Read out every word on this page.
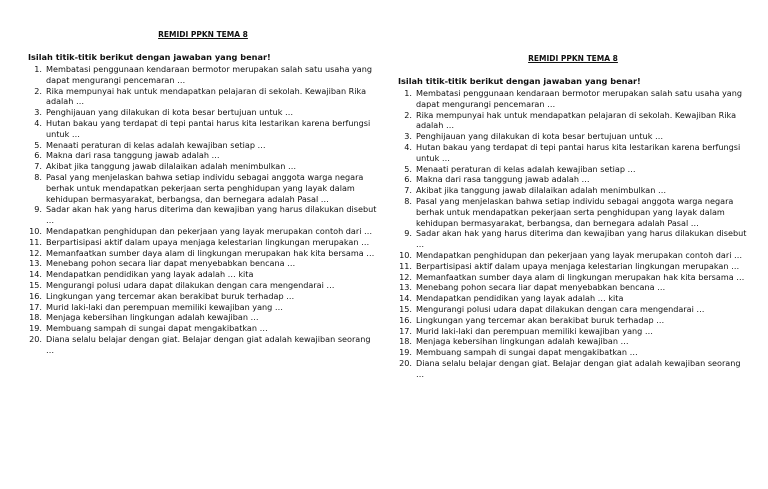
REMIDI PPKN TEMA 8

Isilah titik-titik berikut dengan jawaban yang benar!

1. Membatasi penggunaan kendaraan bermotor merupakan salah satu usaha yang dapat mengurangi pencemaran …
2. Rika mempunyai hak untuk mendapatkan pelajaran di sekolah. Kewajiban Rika adalah …
3. Penghijauan yang dilakukan di kota besar bertujuan untuk …
4. Hutan bakau yang terdapat di tepi pantai harus kita lestarikan karena berfungsi untuk …
5. Menaati peraturan di kelas adalah kewajiban setiap …
6. Makna dari rasa tanggung jawab adalah …
7. Akibat jika tanggung jawab dilalaikan adalah menimbulkan …
8. Pasal yang menjelaskan bahwa setiap individu sebagai anggota warga negara berhak untuk mendapatkan pekerjaan serta penghidupan yang layak dalam kehidupan bermasyarakat, berbangsa, dan bernegara adalah Pasal …
9. Sadar akan hak yang harus diterima dan kewajiban yang harus dilakukan disebut …
10. Mendapatkan penghidupan dan pekerjaan yang layak merupakan contoh dari …
11. Berpartisipasi aktif dalam upaya menjaga kelestarian lingkungan merupakan …
12. Memanfaatkan sumber daya alam di lingkungan merupakan hak kita bersama …
13. Menebang pohon secara liar dapat menyebabkan bencana …
14. Mendapatkan pendidikan yang layak adalah … kita
15. Mengurangi polusi udara dapat dilakukan dengan cara mengendarai …
16. Lingkungan yang tercemar akan berakibat buruk terhadap …
17. Murid laki-laki dan perempuan memiliki kewajiban yang …
18. Menjaga kebersihan lingkungan adalah kewajiban …
19. Membuang sampah di sungai dapat mengakibatkan …
20. Diana selalu belajar dengan giat. Belajar dengan giat adalah kewajiban seorang …
REMIDI PPKN TEMA 8

Isilah titik-titik berikut dengan jawaban yang benar!

1. Membatasi penggunaan kendaraan bermotor merupakan salah satu usaha yang dapat mengurangi pencemaran …
2. Rika mempunyai hak untuk mendapatkan pelajaran di sekolah. Kewajiban Rika adalah …
3. Penghijauan yang dilakukan di kota besar bertujuan untuk …
4. Hutan bakau yang terdapat di tepi pantai harus kita lestarikan karena berfungsi untuk …
5. Menaati peraturan di kelas adalah kewajiban setiap …
6. Makna dari rasa tanggung jawab adalah …
7. Akibat jika tanggung jawab dilalaikan adalah menimbulkan …
8. Pasal yang menjelaskan bahwa setiap individu sebagai anggota warga negara berhak untuk mendapatkan pekerjaan serta penghidupan yang layak dalam kehidupan bermasyarakat, berbangsa, dan bernegara adalah Pasal …
9. Sadar akan hak yang harus diterima dan kewajiban yang harus dilakukan disebut …
10. Mendapatkan penghidupan dan pekerjaan yang layak merupakan contoh dari …
11. Berpartisipasi aktif dalam upaya menjaga kelestarian lingkungan merupakan …
12. Memanfaatkan sumber daya alam di lingkungan merupakan hak kita bersama …
13. Menebang pohon secara liar dapat menyebabkan bencana …
14. Mendapatkan pendidikan yang layak adalah … kita
15. Mengurangi polusi udara dapat dilakukan dengan cara mengendarai …
16. Lingkungan yang tercemar akan berakibat buruk terhadap …
17. Murid laki-laki dan perempuan memiliki kewajiban yang …
18. Menjaga kebersihan lingkungan adalah kewajiban …
19. Membuang sampah di sungai dapat mengakibatkan …
20. Diana selalu belajar dengan giat. Belajar dengan giat adalah kewajiban seorang …
